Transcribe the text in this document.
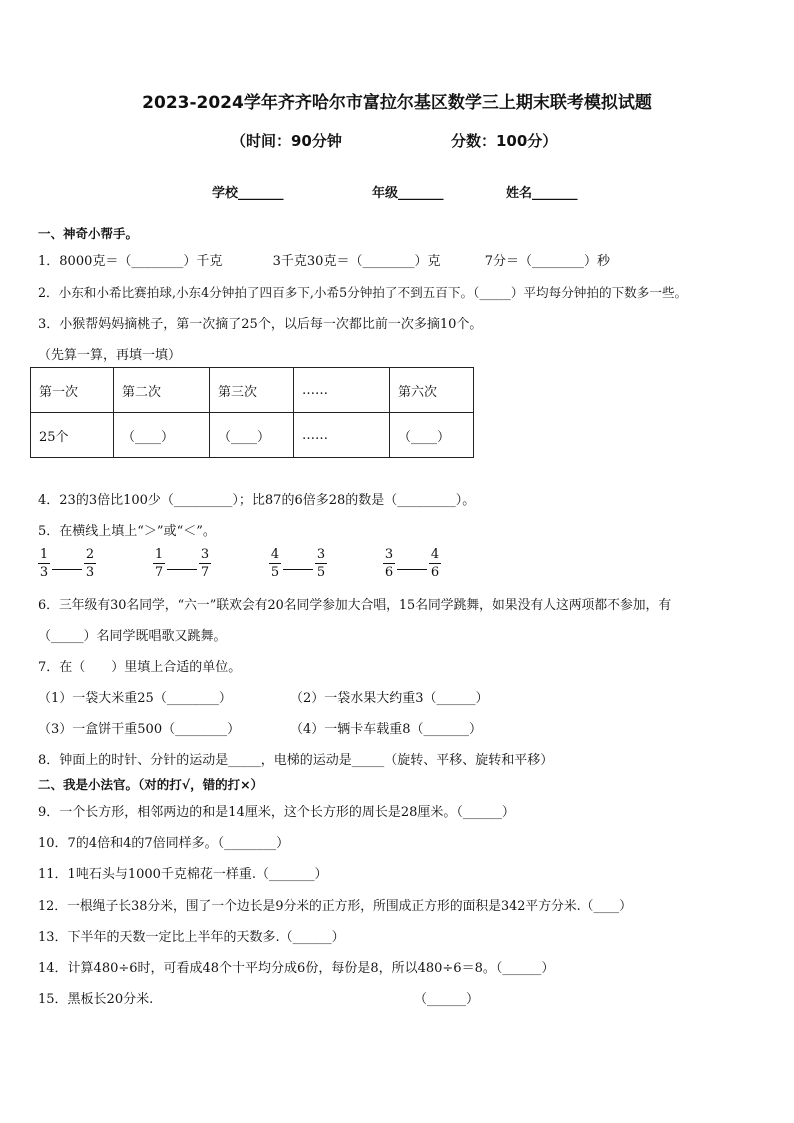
2023-2024学年齐齐哈尔市富拉尔基区数学三上期末联考模拟试题
（时间：90分钟	分数：100分）
学校_______	年级_______	姓名_______
一、神奇小帮手。
1．8000克＝（________）千克	3千克30克＝（________）克	7分＝（________）秒
2．小东和小希比赛拍球,小东4分钟拍了四百多下,小希5分钟拍了不到五百下。（_____）平均每分钟拍的下数多一些。
3．小猴帮妈妈摘桃子，第一次摘了25个，以后每一次都比前一次多摘10个。
（先算一算，再填一填）
第一次	第二次	第三次	……	第六次
25个	（____）	（____）	……	（____）
4．23的3倍比100少（_________）；比87的6倍多28的数是（_________）。
5．在横线上填上“＞”或“＜”。
$\frac{1}{3}$	$\frac{2}{3}$	$\frac{1}{7}$	$\frac{3}{7}$	$\frac{4}{5}$	$\frac{3}{5}$	$\frac{3}{6}$	$\frac{4}{6}$
6．三年级有30名同学，“六一”联欢会有20名同学参加大合唱，15名同学跳舞，如果没有人这两项都不参加，有
（_____）名同学既唱歌又跳舞。
7．在（　　）里填上合适的单位。
（1）一袋大米重25（________）	（2）一袋水果大约重3（______）
（3）一盒饼干重500（________）	（4）一辆卡车载重8（_______）
8．钟面上的时针、分针的运动是_____，电梯的运动是_____（旋转、平移、旋转和平移）
二、我是小法官。（对的打√，错的打×）
9．一个长方形，相邻两边的和是14厘米，这个长方形的周长是28厘米。（______）
10．7的4倍和4的7倍同样多。（________）
11．1吨石头与1000千克棉花一样重.（_______）
12．一根绳子长38分米，围了一个边长是9分米的正方形，所围成正方形的面积是342平方分米.（____）
13．下半年的天数一定比上半年的天数多.（______）
14．计算480÷6时，可看成48个十平均分成6份，每份是8，所以480÷6＝8。（______）
15．黑板长20分米.	（______）
